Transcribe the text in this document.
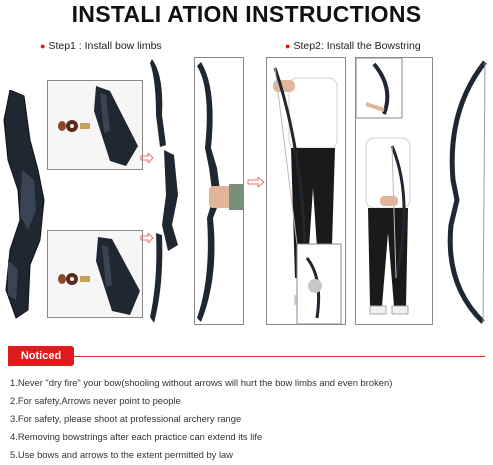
INSTALI ATION INSTRUCTIONS
● Step1 : Install bow limbs	● Step2: Install the Bowstring
Noticed
1.Never "dry fire" your bow(shooling without arrows will hurt the bow limbs and even broken)
2.For safety,Arrows never point to people
3.For safety, please shoot at professional archery range
4.Removing bowstrings after each practice can extend its life
5.Use bows and arrows to the extent permitted by law
